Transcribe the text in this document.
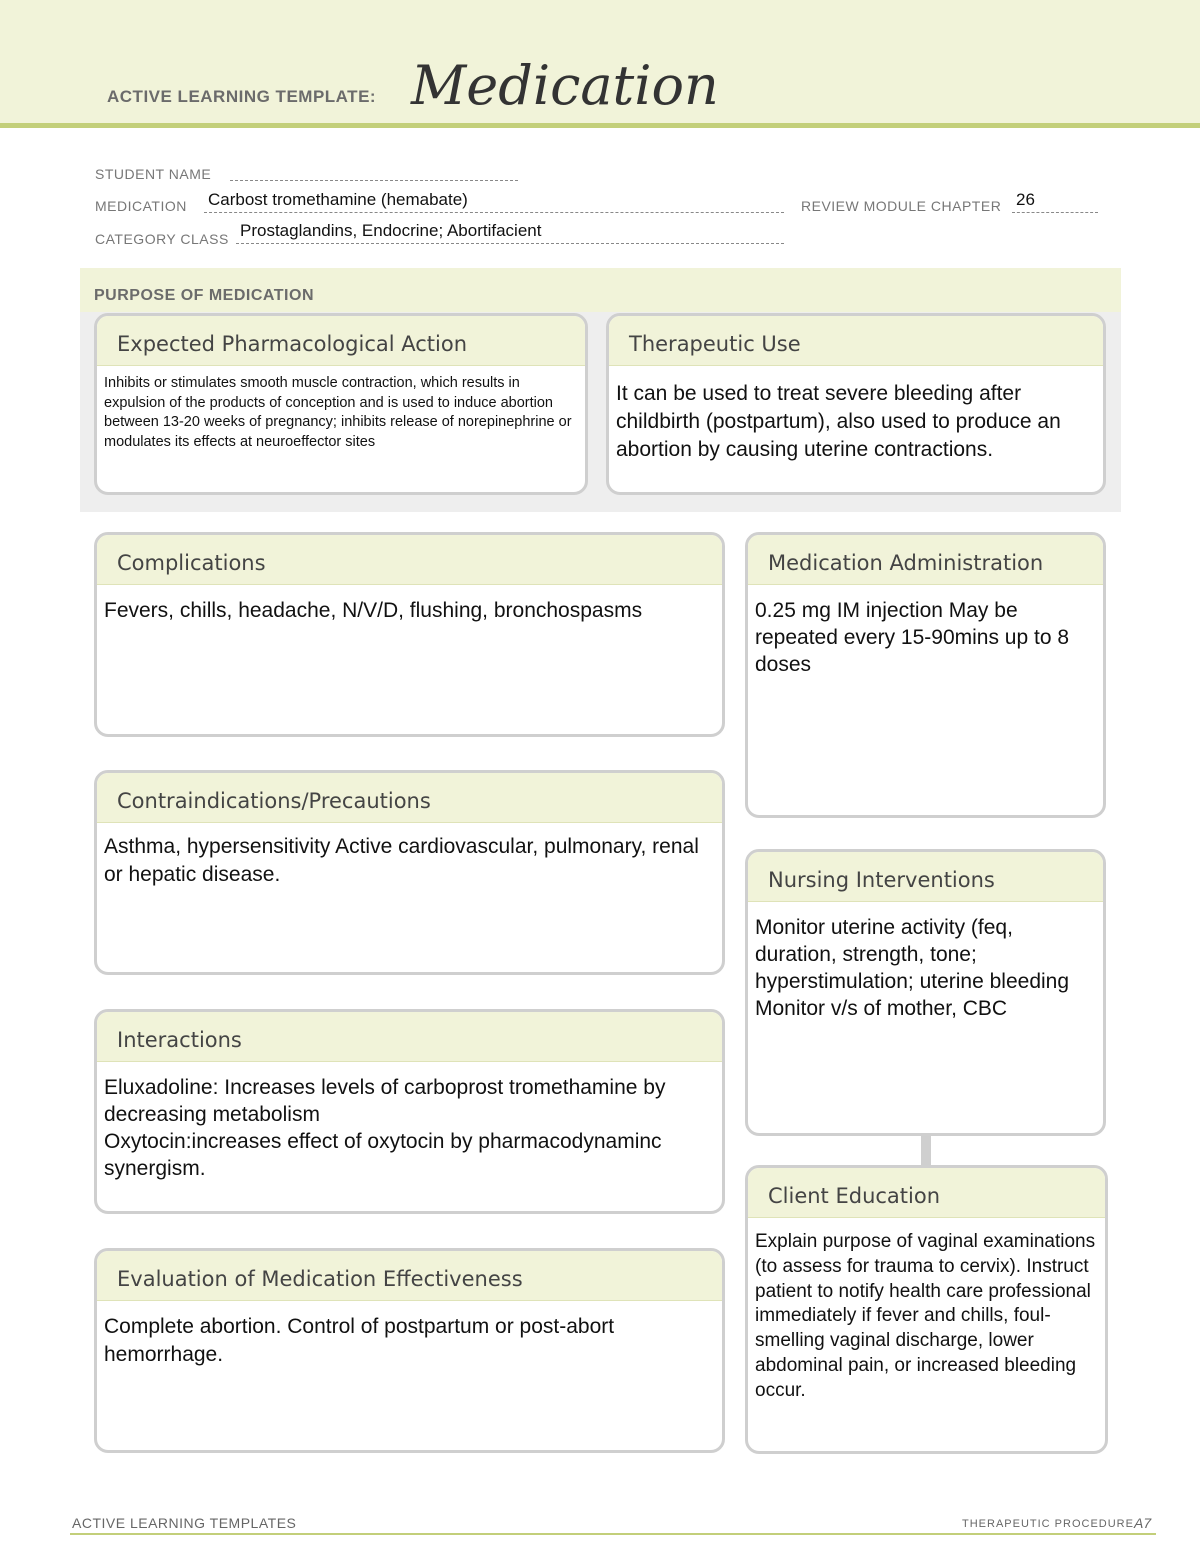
ACTIVE LEARNING TEMPLATE: Medication
STUDENT NAME
MEDICATION Carbost tromethamine (hemabate)	REVIEW MODULE CHAPTER 26
CATEGORY CLASS Prostaglandins, Endocrine; Abortifacient
PURPOSE OF MEDICATION
Expected Pharmacological Action
Inhibits or stimulates smooth muscle contraction, which results in expulsion of the products of conception and is used to induce abortion between 13-20 weeks of pregnancy; inhibits release of norepinephrine or modulates its effects at neuroeffector sites
Therapeutic Use
It can be used to treat severe bleeding after childbirth (postpartum), also used to produce an abortion by causing uterine contractions.
Complications
Fevers, chills, headache, N/V/D, flushing, bronchospasms
Contraindications/Precautions
Asthma, hypersensitivity Active cardiovascular, pulmonary, renal or hepatic disease.
Interactions
Eluxadoline: Increases levels of carboprost tromethamine by decreasing metabolism
Oxytocin:increases effect of oxytocin by pharmacodynaminc synergism.
Evaluation of Medication Effectiveness
Complete abortion. Control of postpartum or post-abort hemorrhage.
Medication Administration
0.25 mg IM injection May be repeated every 15-90mins up to 8 doses
Nursing Interventions
Monitor uterine activity (feq, duration, strength, tone; hyperstimulation; uterine bleeding Monitor v/s of mother, CBC
Client Education
Explain purpose of vaginal examinations (to assess for trauma to cervix). Instruct patient to notify health care professional immediately if fever and chills, foul-smelling vaginal discharge, lower abdominal pain, or increased bleeding occur.
ACTIVE LEARNING TEMPLATES	THERAPEUTIC PROCEDURE A7
